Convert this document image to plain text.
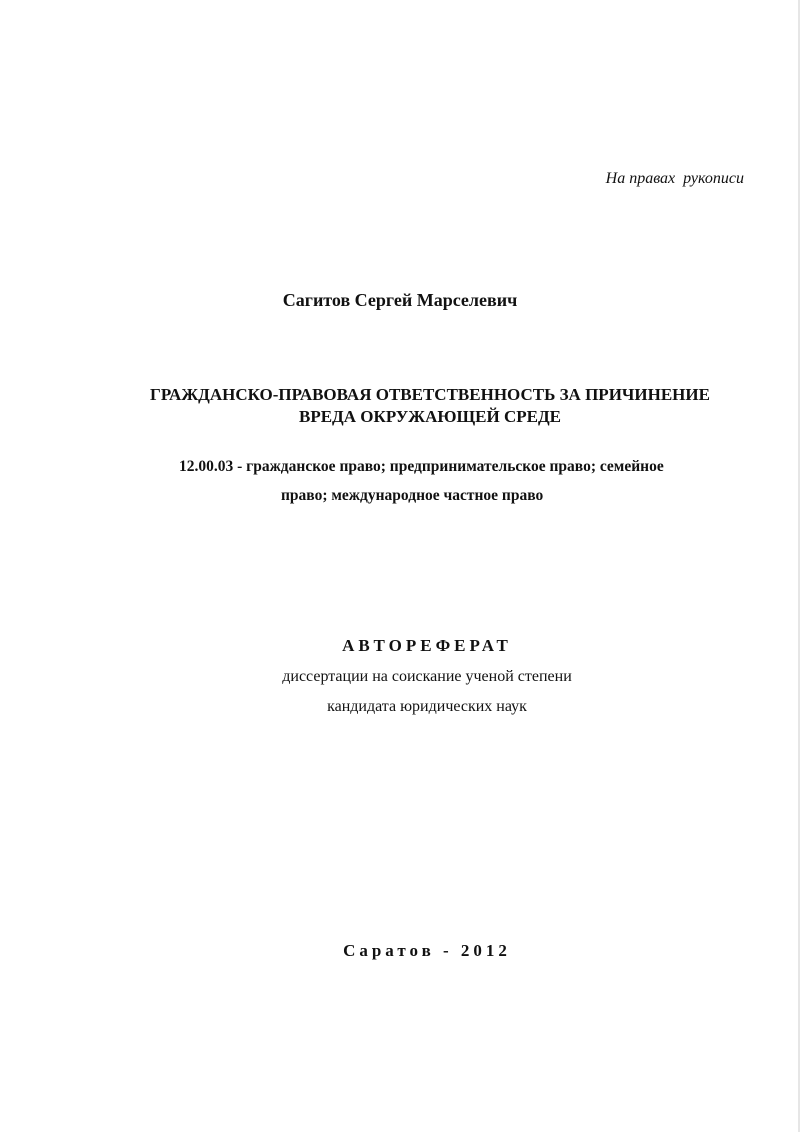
На правах  рукописи
Сагитов Сергей Марселевич
ГРАЖДАНСКО-ПРАВОВАЯ ОТВЕТСТВЕННОСТЬ ЗА ПРИЧИНЕНИЕ
ВРЕДА ОКРУЖАЮЩЕЙ СРЕДЕ
12.00.03 - гражданское право; предпринимательское право; семейное
право; международное частное право
АВТОРЕФЕРАТ
диссертации на соискание ученой степени
кандидата юридических наук
Саратов - 2012
